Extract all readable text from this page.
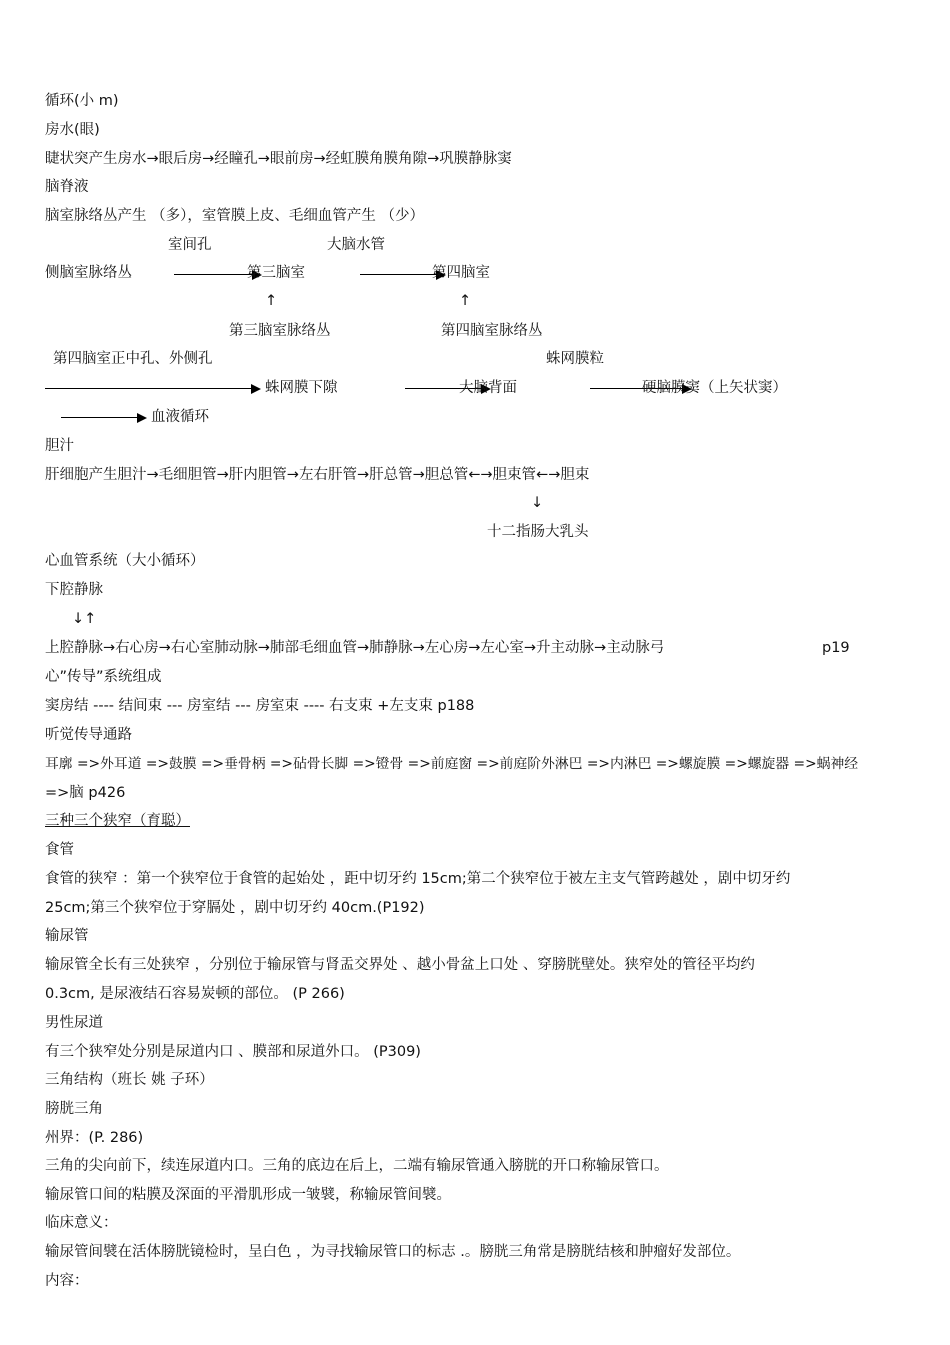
循环(小 m)
房水(眼)
睫状突产生房水→眼后房→经瞳孔→眼前房→经虹膜角膜角隙→巩膜静脉窦
脑脊液
脑室脉络丛产生 （多），室管膜上皮、毛细血管产生 （少）
室间孔	大脑水管
侧脑室脉络丛	第三脑室	第四脑室
↑	↑
第三脑室脉络丛	第四脑室脉络丛
第四脑室正中孔、外侧孔	蛛网膜粒
蛛网膜下隙	大脑背面	硬脑膜窦（上矢状窦）
血液循环
胆汁
肝细胞产生胆汁→毛细胆管→肝内胆管→左右肝管→肝总管→胆总管←→胆束管←→胆束
↓
十二指肠大乳头
心血管系统（大小循环）
下腔静脉
↓↑
上腔静脉→右心房→右心室肺动脉→肺部毛细血管→肺静脉→左心房→左心室→升主动脉→主动脉弓	p19
心”传导”系统组成
窦房结 ---- 结间束 --- 房室结 --- 房室束 ---- 右支束 +左支束 p188
听觉传导通路
耳廓 =>外耳道 =>鼓膜 =>垂骨柄 =>砧骨长脚 =>镫骨 =>前庭窗 =>前庭阶外淋巴 =>内淋巴 =>螺旋膜 =>螺旋器 =>蜗神经
=>脑 p426
三种三个狭窄（育聪）
食管
食管的狭窄 ：第一个狭窄位于食管的起始处 ，距中切牙约 15cm;第二个狭窄位于被左主支气管跨越处 ，剧中切牙约
25cm;第三个狭窄位于穿膈处 ，剧中切牙约 40cm.(P192)
输尿管
输尿管全长有三处狭窄 ，分别位于输尿管与肾盂交界处 、越小骨盆上口处 、穿膀胱壁处。狭窄处的管径平均约
0.3cm, 是尿液结石容易炭顿的部位。 (P 266)
男性尿道
有三个狭窄处分别是尿道内口 、膜部和尿道外口。 (P309)
三角结构（班长 姚 子环）
膀胱三角
州界：(P. 286)
三角的尖向前下，续连尿道内口。三角的底边在后上，二端有输尿管通入膀胱的开口称输尿管口。
输尿管口间的粘膜及深面的平滑肌形成一皱襞，称输尿管间襞。
临床意义：
输尿管间襞在活体膀胱镜检时，呈白色 ，为寻找输尿管口的标志 .。膀胱三角常是膀胱结核和肿瘤好发部位。
内容：
